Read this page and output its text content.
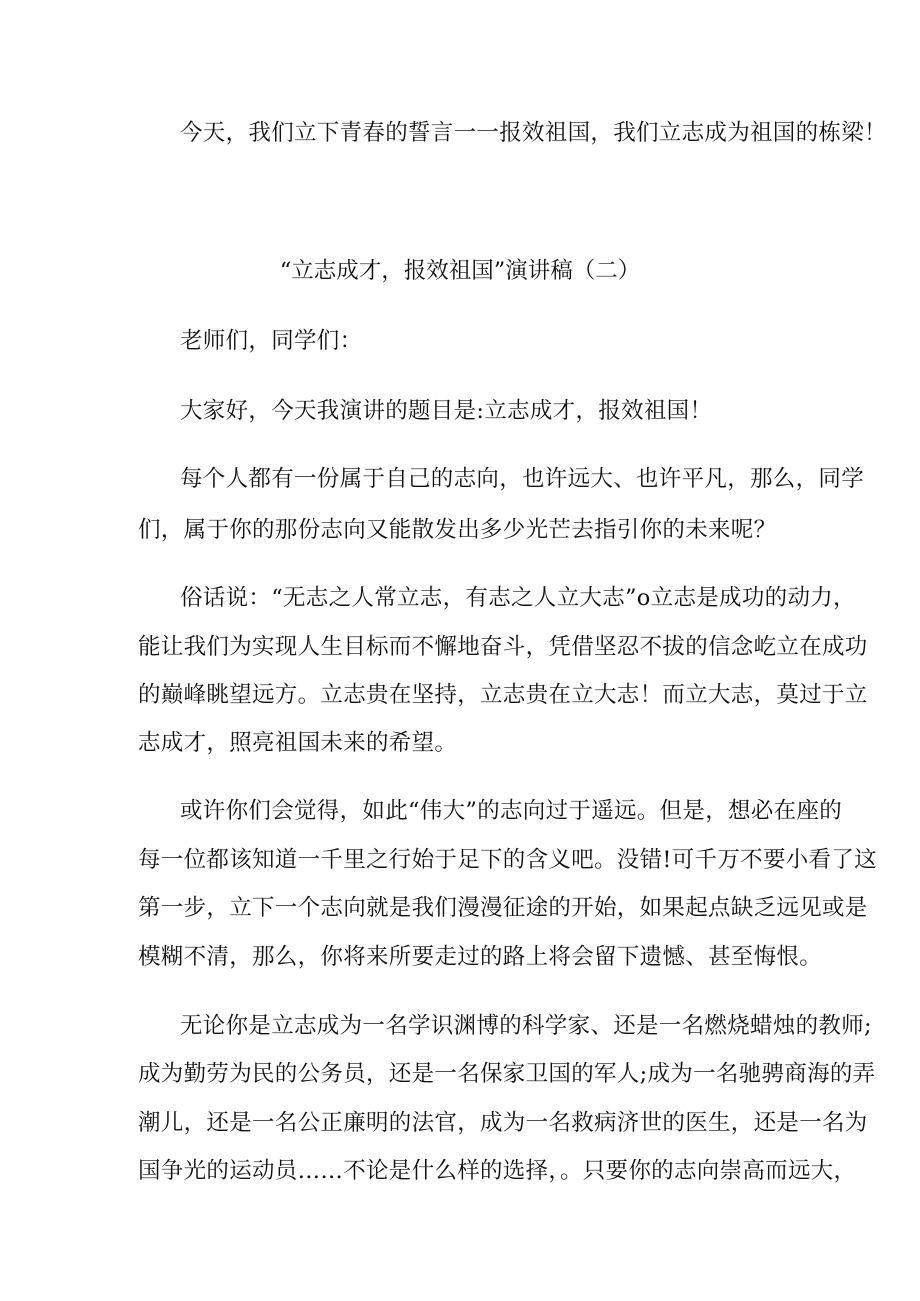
今天，我们立下青春的誓言一一报效祖国，我们立志成为祖国的栋梁！
“立志成才，报效祖国”演讲稿（二）
老师们，同学们：
大家好，今天我演讲的题目是:立志成才，报效祖国！
每个人都有一份属于自己的志向，也许远大、也许平凡，那么，同学
们，属于你的那份志向又能散发出多少光芒去指引你的未来呢？
俗话说：“无志之人常立志，有志之人立大志”o立志是成功的动力，
能让我们为实现人生目标而不懈地奋斗，凭借坚忍不拔的信念屹立在成功
的巅峰眺望远方。立志贵在坚持，立志贵在立大志！而立大志，莫过于立
志成才，照亮祖国未来的希望。
或许你们会觉得，如此“伟大”的志向过于遥远。但是，想必在座的
每一位都该知道一千里之行始于足下的含义吧。没错!可千万不要小看了这
第一步，立下一个志向就是我们漫漫征途的开始，如果起点缺乏远见或是
模糊不清，那么，你将来所要走过的路上将会留下遗憾、甚至悔恨。
无论你是立志成为一名学识渊博的科学家、还是一名燃烧蜡烛的教师;
成为勤劳为民的公务员，还是一名保家卫国的军人;成为一名驰骋商海的弄
潮儿，还是一名公正廉明的法官，成为一名救病济世的医生，还是一名为
国争光的运动员……不论是什么样的选择，。只要你的志向崇高而远大，
